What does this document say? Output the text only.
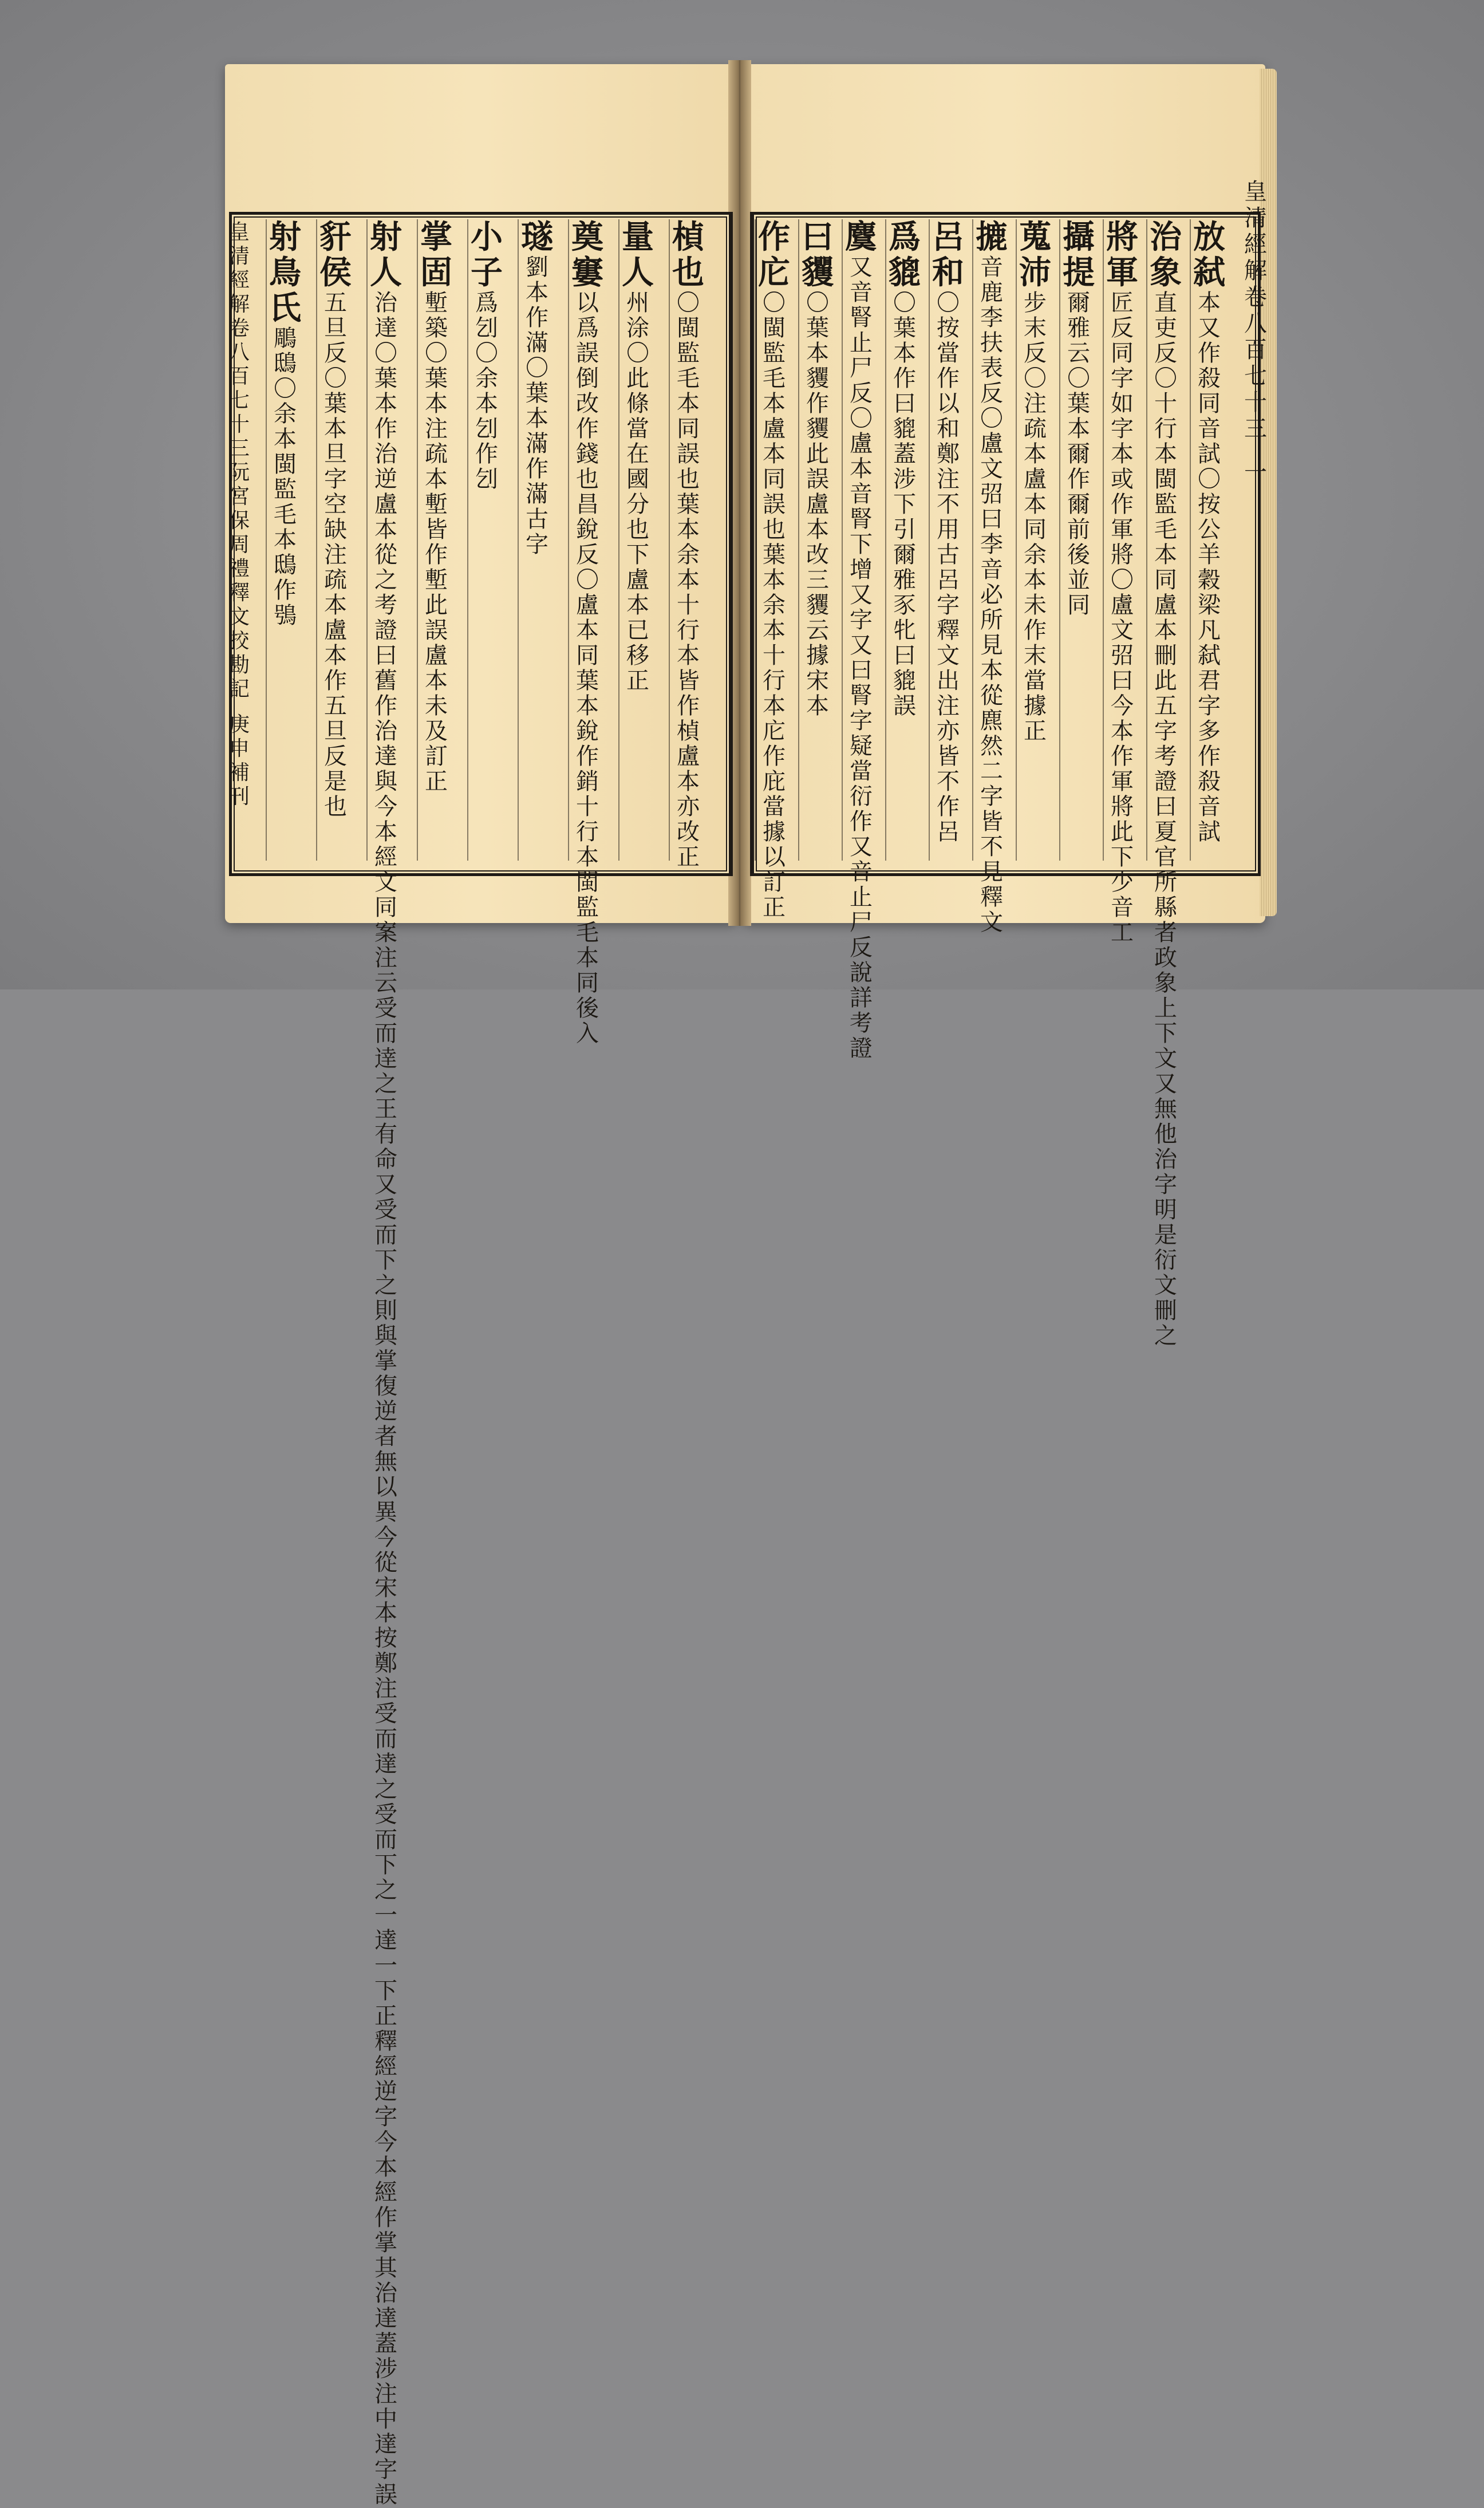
皇清經解卷八百七十三阮宮保周禮釋文挍勘記
庚申補刊
皇清經解卷八百七十三
一
放弑
本又作殺同音試〇按公羊穀梁凡弑君字多作殺音試
治象
直吏反〇十行本閩監毛本同盧本刪此五字考證曰夏官所縣者政象上下文又無他治字明是衍文刪之
將軍
匠反同字如字本或作軍將〇盧文弨曰今本作軍將此下少音工
攝提
爾雅云〇葉本爾作爾前後並同
蒐沛
步末反〇注疏本盧本同余本未作末當據正
摝
音鹿李扶表反〇盧文弨曰李音必所見本從麃然二字皆不見釋文
呂和
〇按當作以和鄭注不用古呂字釋文出注亦皆不作呂
爲貔
〇葉本作曰貔蓋涉下引爾雅豕牝曰貔誤
麌
又音腎止尸反〇盧本音腎下增又字又曰腎字疑當衍作又音止尸反說詳考證
曰貜
〇葉本貜作貜此誤盧本改三貜云據宋本
作庀
〇閩監毛本盧本同誤也葉本余本十行本庀作庇當據以訂正
楨也
〇閩監毛本同誤也葉本余本十行本皆作楨盧本亦改正
量人
州涂〇此條當在國分也下盧本已移正
奠窶
以爲誤倒改作錢也昌銳反〇盧本同葉本銳作銷十行本閩監毛本同後入
璲
劉本作滿〇葉本滿作滿古字
小子
爲刉〇余本刉作刉
掌固
塹築〇葉本注疏本塹皆作塹此誤盧本未及訂正
射人
治達〇葉本作治逆盧本從之考證曰舊作治達與今本經文同案注云受而逹之王有命又受而下之則與掌復逆者無以異今從宋本按鄭注受而達之受而下之一達一下正釋經逆字今本經作掌其治達蓋涉注中達字誤
豻侯
五旦反〇葉本旦字空缺注疏本盧本作五旦反是也
射鳥氏
鵰鴟〇余本閩監毛本鴟作鴞
